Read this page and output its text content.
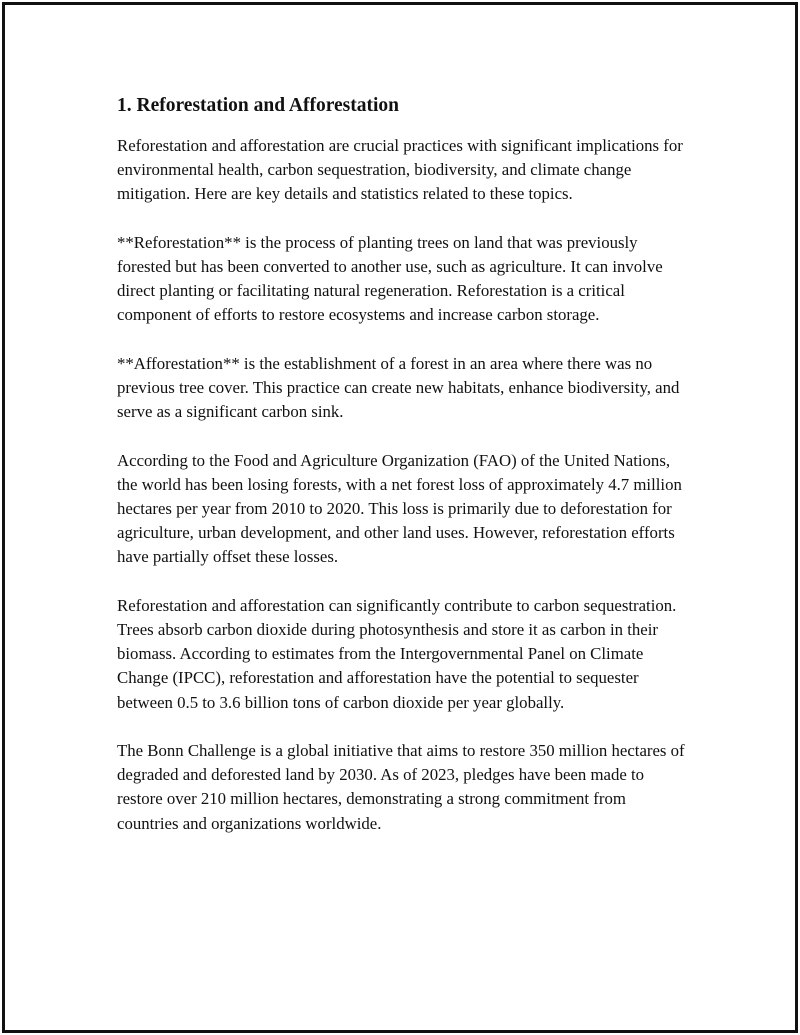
1. Reforestation and Afforestation

Reforestation and afforestation are crucial practices with significant implications for environmental health, carbon sequestration, biodiversity, and climate change mitigation. Here are key details and statistics related to these topics.

**Reforestation** is the process of planting trees on land that was previously forested but has been converted to another use, such as agriculture. It can involve direct planting or facilitating natural regeneration. Reforestation is a critical component of efforts to restore ecosystems and increase carbon storage.

**Afforestation** is the establishment of a forest in an area where there was no previous tree cover. This practice can create new habitats, enhance biodiversity, and serve as a significant carbon sink.

According to the Food and Agriculture Organization (FAO) of the United Nations, the world has been losing forests, with a net forest loss of approximately 4.7 million hectares per year from 2010 to 2020. This loss is primarily due to deforestation for agriculture, urban development, and other land uses. However, reforestation efforts have partially offset these losses.

Reforestation and afforestation can significantly contribute to carbon sequestration. Trees absorb carbon dioxide during photosynthesis and store it as carbon in their biomass. According to estimates from the Intergovernmental Panel on Climate Change (IPCC), reforestation and afforestation have the potential to sequester between 0.5 to 3.6 billion tons of carbon dioxide per year globally.

The Bonn Challenge is a global initiative that aims to restore 350 million hectares of degraded and deforested land by 2030. As of 2023, pledges have been made to restore over 210 million hectares, demonstrating a strong commitment from countries and organizations worldwide.
